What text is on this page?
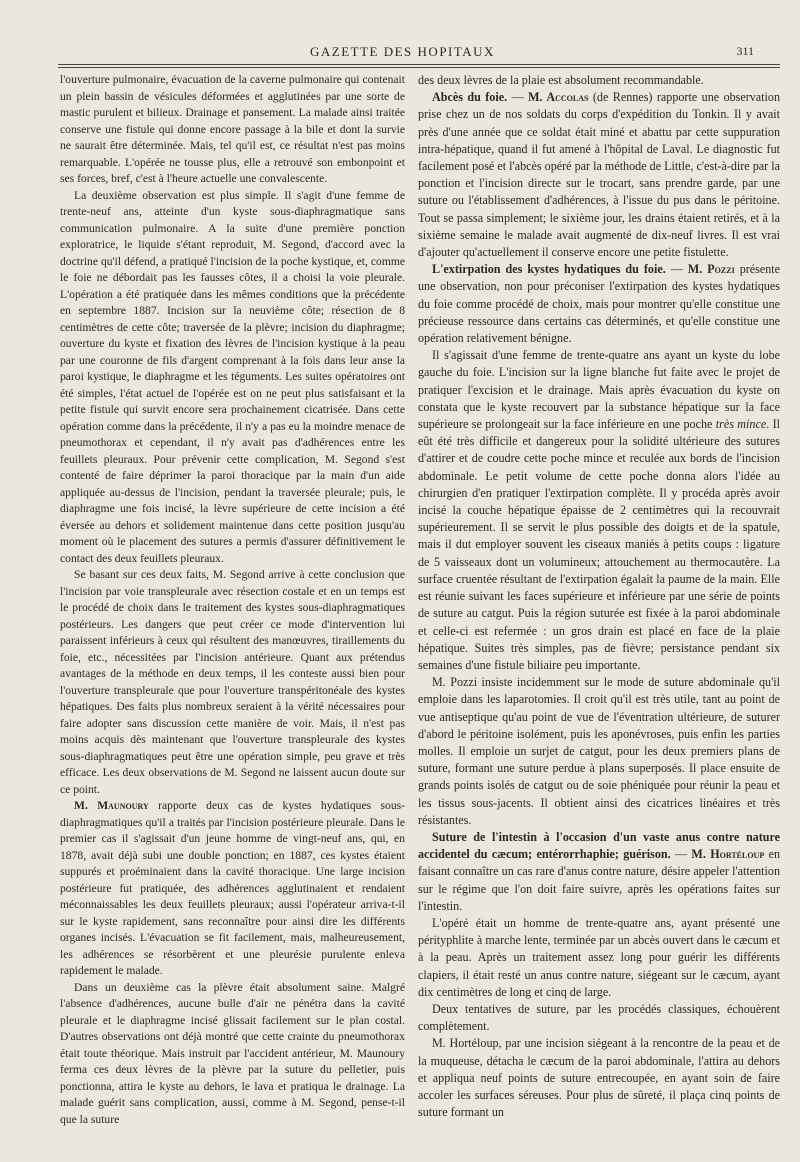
GAZETTE DES HOPITAUX	311

l'ouverture pulmonaire, évacuation de la caverne pulmonaire qui contenait un plein bassin de vésicules déformées et agglutinées par une sorte de mastic purulent et bilieux. Drainage et pansement. La malade ainsi traitée conserve une fistule qui donne encore passage à la bile et dont la survie ne saurait être déterminée. Mais, tel qu'il est, ce résultat n'est pas moins remarquable. L'opérée ne tousse plus, elle a retrouvé son embonpoint et ses forces, bref, c'est à l'heure actuelle une convalescente.

La deuxième observation est plus simple. Il s'agit d'une femme de trente-neuf ans, atteinte d'un kyste sous-diaphragmatique sans communication pulmonaire. A la suite d'une première ponction exploratrice, le liquide s'étant reproduit, M. Segond, d'accord avec la doctrine qu'il défend, a pratiqué l'incision de la poche kystique, et, comme le foie ne débordait pas les fausses côtes, il a choisi la voie pleurale. L'opération a été pratiquée dans les mêmes conditions que la précédente en septembre 1887. Incision sur la neuvième côte; résection de 8 centimètres de cette côte; traversée de la plèvre; incision du diaphragme; ouverture du kyste et fixation des lèvres de l'incision kystique à la peau par une couronne de fils d'argent comprenant à la fois dans leur anse la paroi kystique, le diaphragme et les téguments. Les suites opératoires ont été simples, l'état actuel de l'opérée est on ne peut plus satisfaisant et la petite fistule qui survit encore sera prochainement cicatrisée. Dans cette opération comme dans la précédente, il n'y a pas eu la moindre menace de pneumothorax et cependant, il n'y avait pas d'adhérences entre les feuillets pleuraux. Pour prévenir cette complication, M. Segond s'est contenté de faire déprimer la paroi thoracique par la main d'un aide appliquée au-dessus de l'incision, pendant la traversée pleurale; puis, le diaphragme une fois incisé, la lèvre supérieure de cette incision a été éversée au dehors et solidement maintenue dans cette position jusqu'au moment où le placement des sutures a permis d'assurer définitivement le contact des deux feuillets pleuraux.

Se basant sur ces deux faits, M. Segond arrive à cette conclusion que l'incision par voie transpleurale avec résection costale et en un temps est le procédé de choix dans le traitement des kystes sous-diaphragmatiques postérieurs. Les dangers que peut créer ce mode d'intervention lui paraissent inférieurs à ceux qui résultent des manœuvres, tiraillements du foie, etc., nécessitées par l'incision antérieure. Quant aux prétendus avantages de la méthode en deux temps, il les conteste aussi bien pour l'ouverture transpleurale que pour l'ouverture transpéritonéale des kystes hépatiques. Des faits plus nombreux seraient à la vérité nécessaires pour faire adopter sans discussion cette manière de voir. Mais, il n'est pas moins acquis dès maintenant que l'ouverture transpleurale des kystes sous-diaphragmatiques peut être une opération simple, peu grave et très efficace. Les deux observations de M. Segond ne laissent aucun doute sur ce point.

M. Maunoury rapporte deux cas de kystes hydatiques sous-diaphragmatiques qu'il a traités par l'incision postérieure pleurale. Dans le premier cas il s'agissait d'un jeune homme de vingt-neuf ans, qui, en 1878, avait déjà subi une double ponction; en 1887, ces kystes étaient suppurés et proéminaient dans la cavité thoracique. Une large incision postérieure fut pratiquée, des adhérences agglutinaient et rendaient méconnaissables les deux feuillets pleuraux; aussi l'opérateur arriva-t-il sur le kyste rapidement, sans reconnaître pour ainsi dire les différents organes incisés. L'évacuation se fit facilement, mais, malheureusement, les adhérences se résorbèrent et une pleurésie purulente enleva rapidement le malade.

Dans un deuxième cas la plèvre était absolument saine. Malgré l'absence d'adhérences, aucune bulle d'air ne pénétra dans la cavité pleurale et le diaphragme incisé glissait facilement sur le plan costal. D'autres observations ont déjà montré que cette crainte du pneumothorax était toute théorique. Mais instruit par l'accident antérieur, M. Maunoury ferma ces deux lèvres de la plèvre par la suture du pelletier, puis ponctionna, attira le kyste au dehors, le lava et pratiqua le drainage. La malade guérit sans complication, aussi, comme à M. Segond, pense-t-il que la suture

des deux lèvres de la plaie est absolument recommandable.

Abcès du foie. — M. Accolas (de Rennes) rapporte une observation prise chez un de nos soldats du corps d'expédition du Tonkin. Il y avait près d'une année que ce soldat était miné et abattu par cette suppuration intra-hépatique, quand il fut amené à l'hôpital de Laval. Le diagnostic fut facilement posé et l'abcès opéré par la méthode de Little, c'est-à-dire par la ponction et l'incision directe sur le trocart, sans prendre garde, par une suture ou l'établissement d'adhérences, à l'issue du pus dans le péritoine. Tout se passa simplement; le sixième jour, les drains étaient retirés, et à la sixième semaine le malade avait augmenté de dix-neuf livres. Il est vrai d'ajouter qu'actuellement il conserve encore une petite fistulette.

L'extirpation des kystes hydatiques du foie. — M. Pozzi présente une observation, non pour préconiser l'extirpation des kystes hydatiques du foie comme procédé de choix, mais pour montrer qu'elle constitue une précieuse ressource dans certains cas déterminés, et qu'elle constitue une opération relativement bénigne.

Il s'agissait d'une femme de trente-quatre ans ayant un kyste du lobe gauche du foie. L'incision sur la ligne blanche fut faite avec le projet de pratiquer l'excision et le drainage. Mais après évacuation du kyste on constata que le kyste recouvert par la substance hépatique sur la face supérieure se prolongeait sur la face inférieure en une poche très mince. Il eût été très difficile et dangereux pour la solidité ultérieure des sutures d'attirer et de coudre cette poche mince et reculée aux bords de l'incision abdominale. Le petit volume de cette poche donna alors l'idée au chirurgien d'en pratiquer l'extirpation complète. Il y procéda après avoir incisé la couche hépatique épaisse de 2 centimètres qui la recouvrait supérieurement. Il se servit le plus possible des doigts et de la spatule, mais il dut employer souvent les ciseaux maniés à petits coups : ligature de 5 vaisseaux dont un volumineux; attouchement au thermocautère. La surface cruentée résultant de l'extirpation égalait la paume de la main. Elle est réunie suivant les faces supérieure et inférieure par une série de points de suture au catgut. Puis la région suturée est fixée à la paroi abdominale et celle-ci est refermée : un gros drain est placé en face de la plaie hépatique. Suites très simples, pas de fièvre; persistance pendant six semaines d'une fistule biliaire peu importante.

M. Pozzi insiste incidemment sur le mode de suture abdominale qu'il emploie dans les laparotomies. Il croit qu'il est très utile, tant au point de vue antiseptique qu'au point de vue de l'éventration ultérieure, de suturer d'abord le péritoine isolément, puis les aponévroses, puis enfin les parties molles. Il emploie un surjet de catgut, pour les deux premiers plans de suture, formant une suture perdue à plans superposés. Il place ensuite de grands points isolés de catgut ou de soie phéniquée pour réunir la peau et les tissus sous-jacents. Il obtient ainsi des cicatrices linéaires et très résistantes.

Suture de l'intestin à l'occasion d'un vaste anus contre nature accidentel du cæcum; entérorrhaphie; guérison. — M. Hortéloup en faisant connaître un cas rare d'anus contre nature, désire appeler l'attention sur le régime que l'on doit faire suivre, après les opérations faites sur l'intestin.

L'opéré était un homme de trente-quatre ans, ayant présenté une pérityphlite à marche lente, terminée par un abcès ouvert dans le cæcum et à la peau. Après un traitement assez long pour guérir les différents clapiers, il était resté un anus contre nature, siégeant sur le cæcum, ayant dix centimètres de long et cinq de large.

Deux tentatives de suture, par les procédés classiques, échouèrent complètement.

M. Hortéloup, par une incision siégeant à la rencontre de la peau et de la muqueuse, détacha le cæcum de la paroi abdominale, l'attira au dehors et appliqua neuf points de suture entrecoupée, en ayant soin de faire accoler les surfaces séreuses. Pour plus de sûreté, il plaça cinq points de suture formant un
